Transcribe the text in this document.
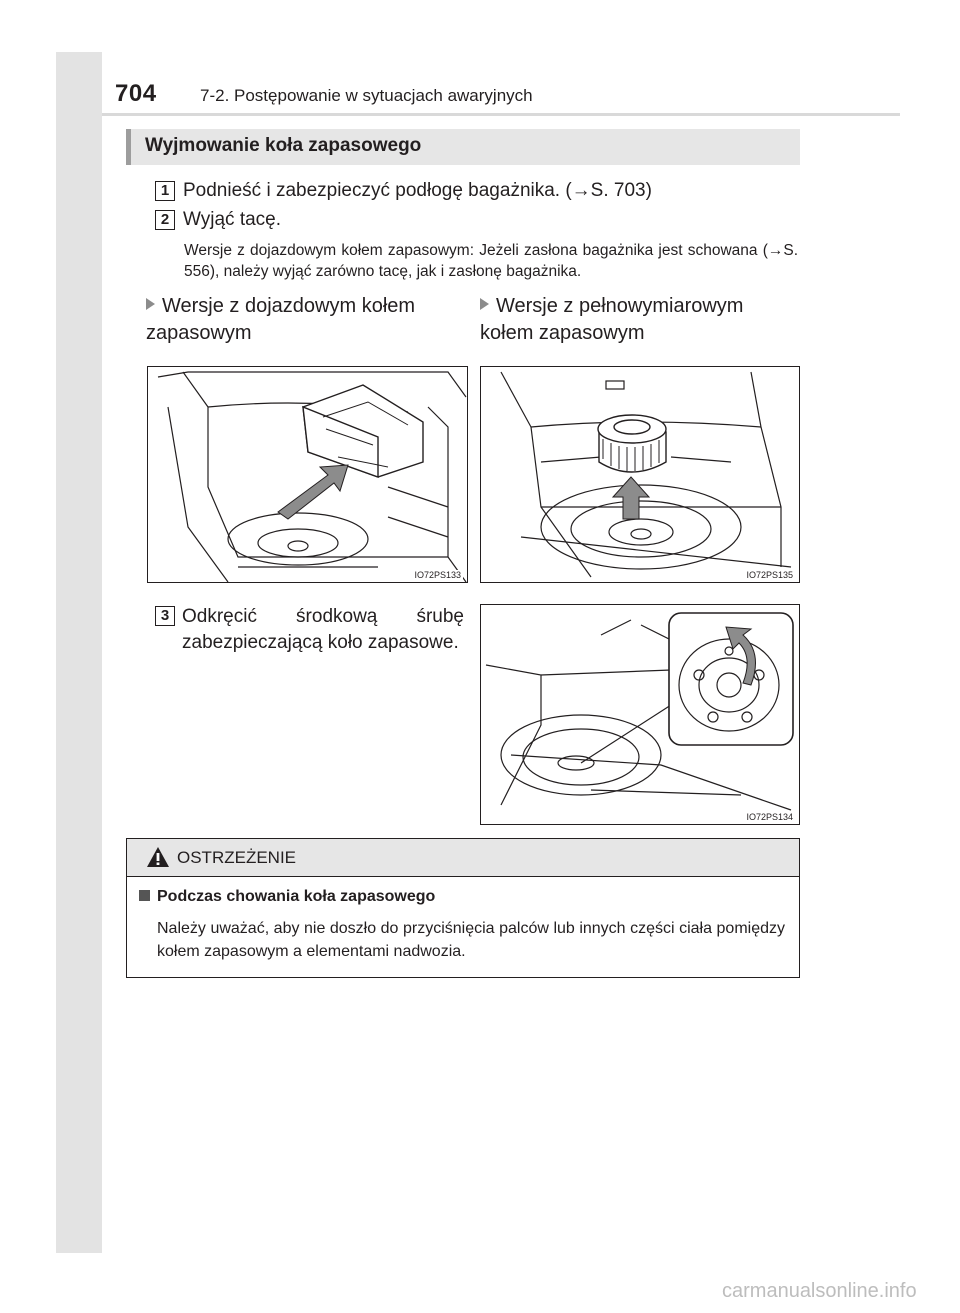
704	7-2. Postępowanie w sytuacjach awaryjnych
Wyjmowanie koła zapasowego
1 Podnieść i zabezpieczyć podłogę bagażnika. (→S. 703)
2 Wyjąć tacę.
Wersje z dojazdowym kołem zapasowym: Jeżeli zasłona bagażnika jest schowana (→S. 556), należy wyjąć zarówno tacę, jak i zasłonę bagażnika.
Wersje z dojazdowym kołem zapasowym
Wersje z pełnowymiarowym kołem zapasowym
IO72PS133	IO72PS135
3 Odkręcić środkową śrubę zabezpieczającą koło zapasowe.
IO72PS134
OSTRZEŻENIE
Podczas chowania koła zapasowego
Należy uważać, aby nie doszło do przyciśnięcia palców lub innych części ciała pomiędzy kołem zapasowym a elementami nadwozia.
carmanualsonline.info
